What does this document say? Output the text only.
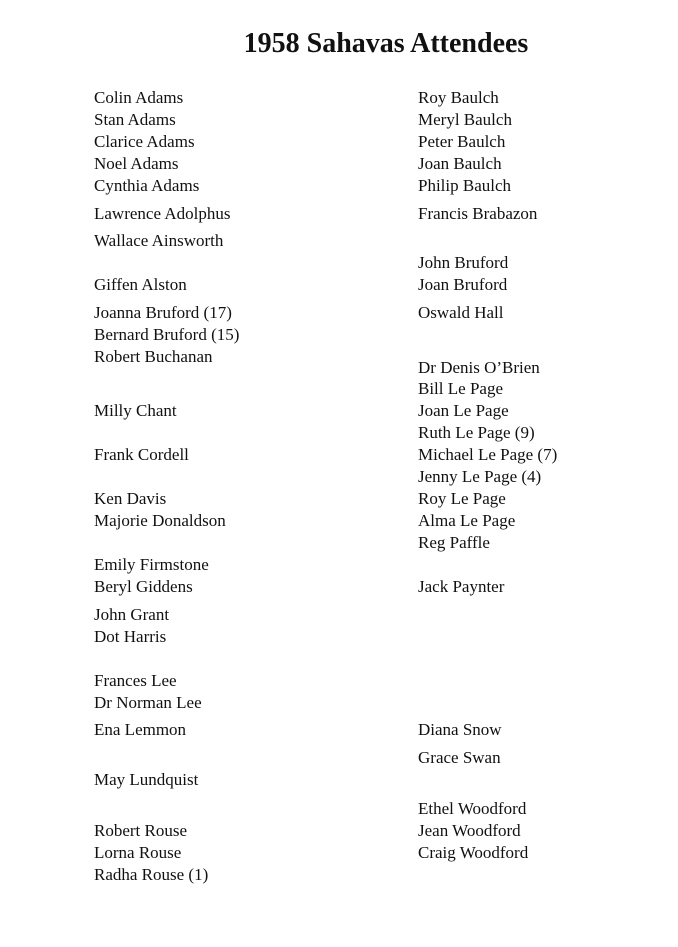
1958 Sahavas Attendees
Colin Adams
Stan Adams
Clarice Adams
Noel Adams
Cynthia Adams
Lawrence Adolphus
Wallace Ainsworth
Giffen Alston
Joanna Bruford (17)
Bernard Bruford (15)
Robert Buchanan
Milly Chant
Frank Cordell
Ken Davis
Majorie Donaldson
Emily Firmstone
Beryl Giddens
John Grant
Dot Harris
Frances Lee
Dr Norman Lee
Ena Lemmon
May Lundquist
Robert Rouse
Lorna Rouse
Radha Rouse (1)
Roy Baulch
Meryl Baulch
Peter Baulch
Joan Baulch
Philip Baulch
Francis Brabazon
John Bruford
Joan Bruford
Oswald Hall
Dr Denis O’Brien
Bill Le Page
Joan Le Page
Ruth Le Page (9)
Michael Le Page (7)
Jenny Le Page (4)
Roy Le Page
Alma Le Page
Reg Paffle
Jack Paynter
Diana Snow
Grace Swan
Ethel Woodford
Jean Woodford
Craig Woodford
